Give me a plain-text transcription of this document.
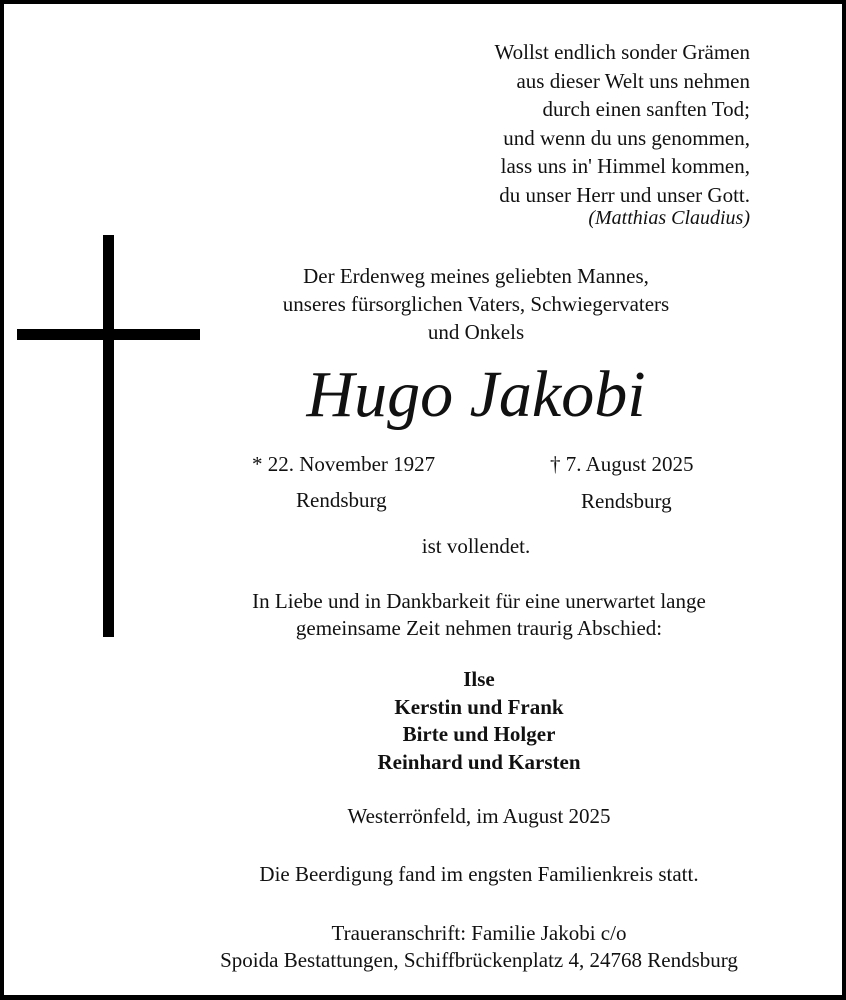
Wollst endlich sonder Grämen
aus dieser Welt uns nehmen
durch einen sanften Tod;
und wenn du uns genommen,
lass uns in' Himmel kommen,
du unser Herr und unser Gott.
(Matthias Claudius)
Der Erdenweg meines geliebten Mannes,
unseres fürsorglichen Vaters, Schwiegervaters
und Onkels
Hugo Jakobi
* 22. November 1927
Rendsburg
† 7. August 2025
Rendsburg
ist vollendet.
In Liebe und in Dankbarkeit für eine unerwartet lange
gemeinsame Zeit nehmen traurig Abschied:
Ilse
Kerstin und Frank
Birte und Holger
Reinhard und Karsten
Westerrönfeld, im August 2025
Die Beerdigung fand im engsten Familienkreis statt.
Traueranschrift: Familie Jakobi c/o
Spoida Bestattungen, Schiffbrückenplatz 4, 24768 Rendsburg
